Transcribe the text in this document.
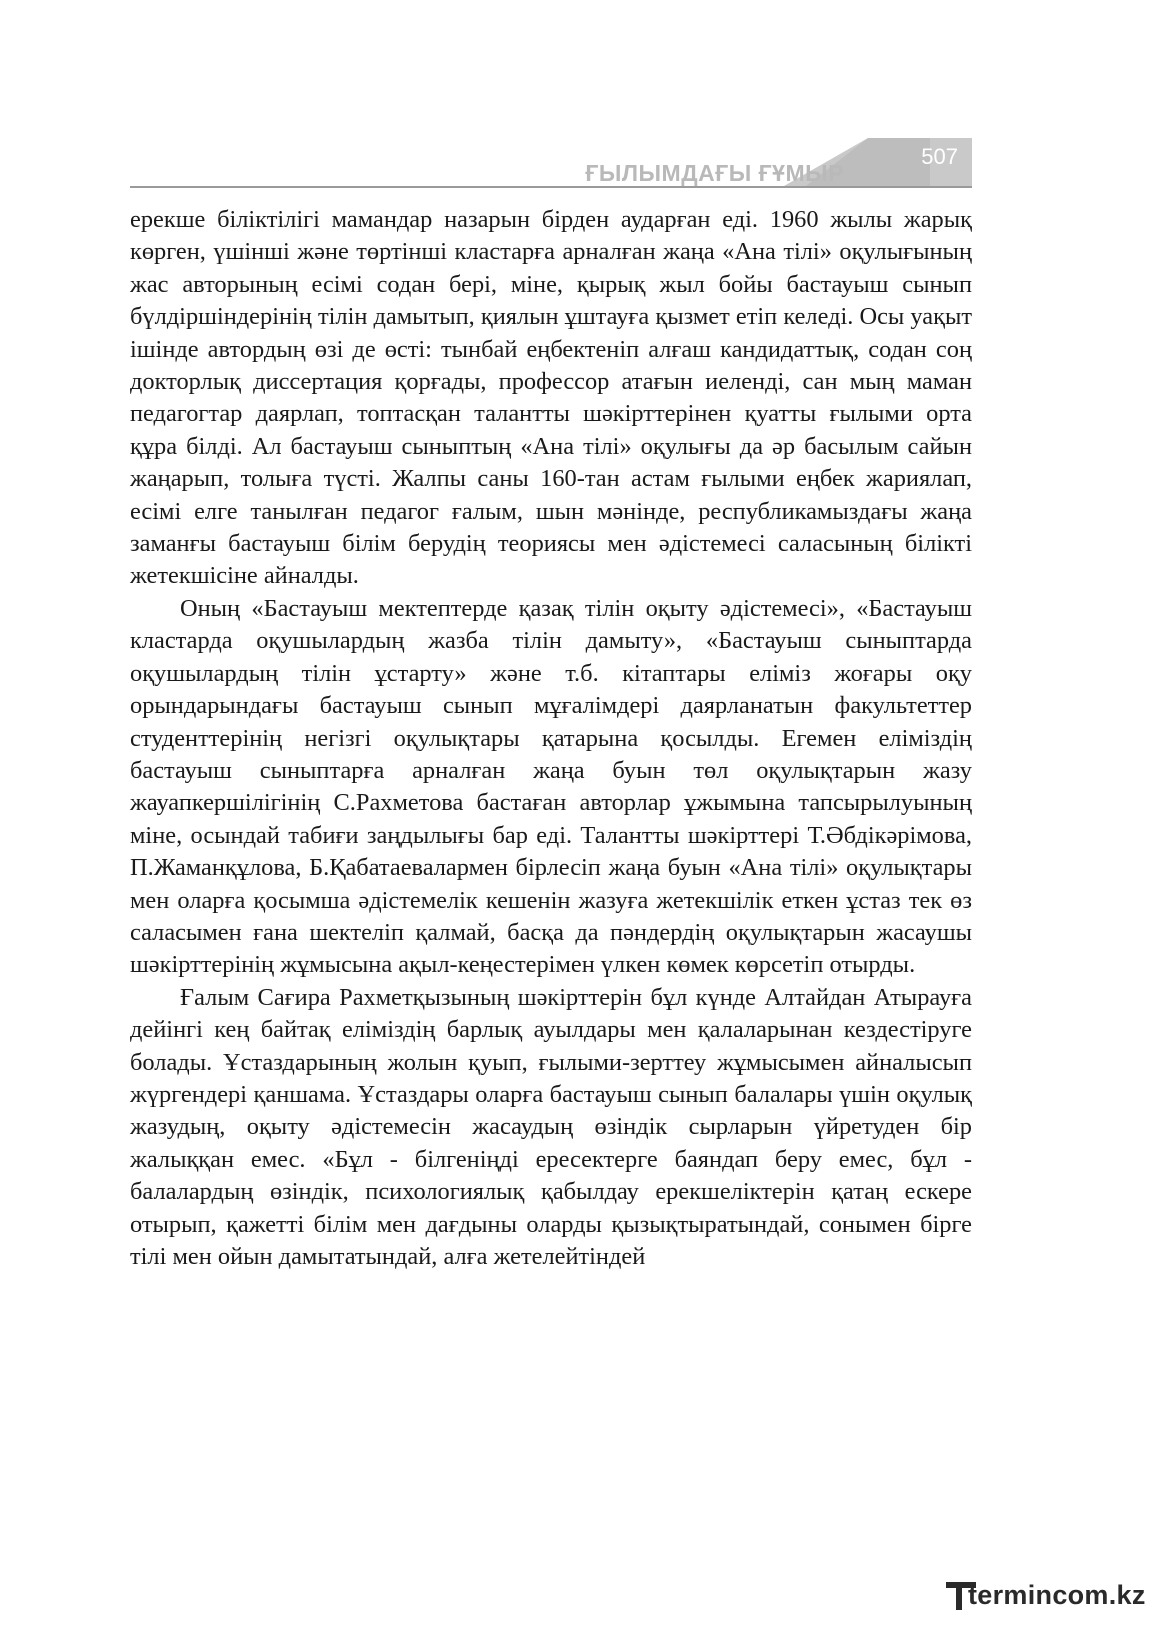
ҒЫЛЫМДАҒЫ ҒҰМЫР
507

ерекше біліктілігі мамандар назарын бірден аударған еді. 1960 жылы жарық көрген, үшінші және төртінші кластарға арналған жаңа «Ана тілі» оқулығының жас авторының есімі содан бері, міне, қырық жыл бойы бастауыш сынып бүлдіршіндерінің тілін дамытып, қиялын ұштауға қызмет етіп келеді. Осы уақыт ішінде автордың өзі де өсті: тынбай еңбектеніп алғаш кандидаттық, содан соң докторлық диссертация қорғады, профессор атағын иеленді, сан мың маман педагогтар даярлап, топтасқан талантты шәкірттерінен қуатты ғылыми орта құра білді. Ал бастауыш сыныптың «Ана тілі» оқулығы да әр басылым сайын жаңарып, толыға түсті. Жалпы саны 160-тан астам ғылыми еңбек жариялап, есімі елге танылған педагог ғалым, шын мәнінде, республикамыздағы жаңа заманғы бастауыш білім берудің теориясы мен әдістемесі саласының білікті жетекшісіне айналды.

Оның «Бастауыш мектептерде қазақ тілін оқыту әдістемесі», «Бастауыш кластарда оқушылардың жазба тілін дамыту», «Бастауыш сыныптарда оқушылардың тілін ұстарту» және т.б. кітаптары еліміз жоғары оқу орындарындағы бастауыш сынып мұғалімдері даярланатын факультеттер студенттерінің негізгі оқулықтары қатарына қосылды. Егемен еліміздің бастауыш сыныптарға арналған жаңа буын төл оқулықтарын жазу жауапкершілігінің С.Рахметова бастаған авторлар ұжымына тапсырылуының міне, осындай табиғи заңдылығы бар еді. Талантты шәкірттері Т.Әбдікәрімова, П.Жаманқұлова, Б.Қабатаевалармен бірлесіп жаңа буын «Ана тілі» оқулықтары мен оларға қосымша әдістемелік кешенін жазуға жетекшілік еткен ұстаз тек өз саласымен ғана шектеліп қалмай, басқа да пәндердің оқулықтарын жасаушы шәкірттерінің жұмысына ақыл-кеңестерімен үлкен көмек көрсетіп отырды.

Ғалым Сағира Рахметқызының шәкірттерін бұл күнде Алтайдан Атырауға дейінгі кең байтақ еліміздің барлық ауылдары мен қалаларынан кездестіруге болады. Ұстаздарының жолын қуып, ғылыми-зерттеу жұмысымен айналысып жүргендері қаншама. Ұстаздары оларға бастауыш сынып балалары үшін оқулық жазудың, оқыту әдістемесін жасаудың өзіндік сырларын үйретуден бір жалыққан емес. «Бұл - білгеніңді ересектерге баяндап беру емес, бұл - балалардың өзіндік, психологиялық қабылдау ерекшеліктерін қатаң ескере отырып, қажетті білім мен дағдыны оларды қызықтыратындай, сонымен бірге тілі мен ойын дамытатындай, алға жетелейтіндей

termincom.kz
